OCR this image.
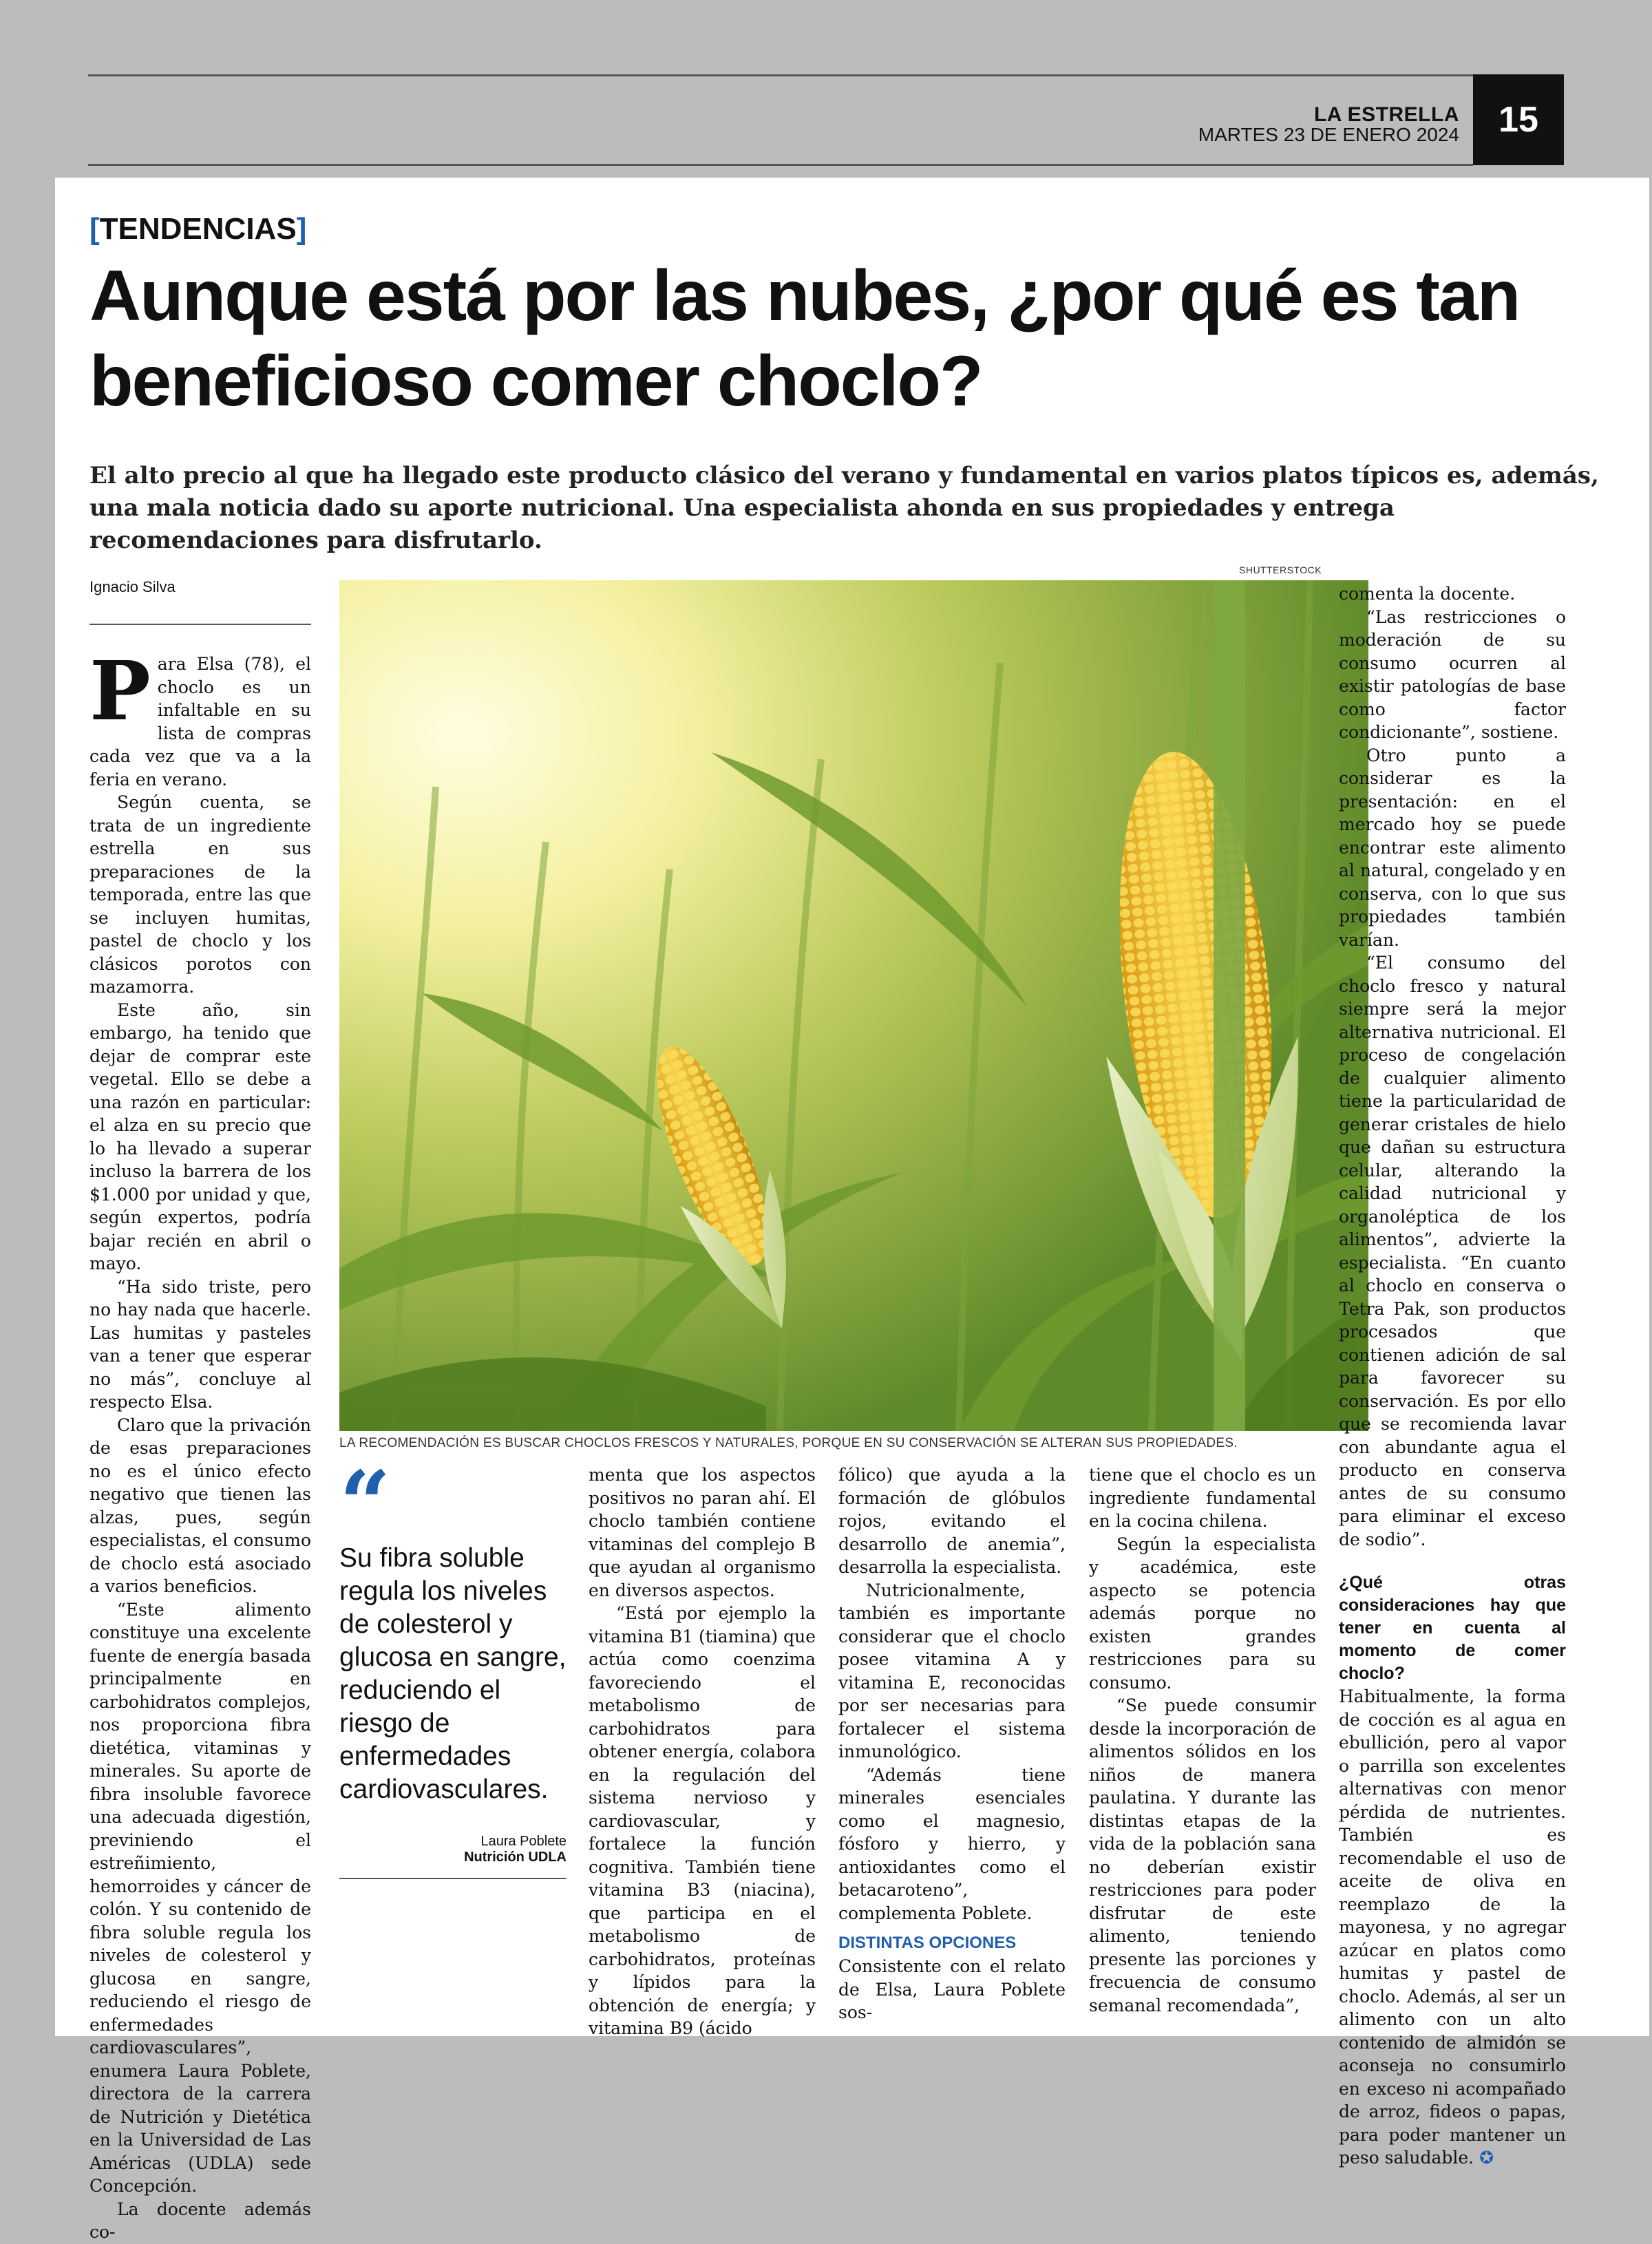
LA ESTRELLA
MARTES 23 DE ENERO 2024	15
[TENDENCIAS]
Aunque está por las nubes, ¿por qué es tan beneficioso comer choclo?

El alto precio al que ha llegado este producto clásico del verano y fundamental en varios platos típicos es, además, una mala noticia dado su aporte nutricional. Una especialista ahonda en sus propiedades y entrega recomendaciones para disfrutarlo.

Ignacio Silva
SHUTTERSTOCK
LA RECOMENDACIÓN ES BUSCAR CHOCLOS FRESCOS Y NATURALES, PORQUE EN SU CONSERVACIÓN SE ALTERAN SUS PROPIEDADES.

Para Elsa (78), el choclo es un infaltable en su lista de compras cada vez que va a la feria en verano.

Según cuenta, se trata de un ingrediente estrella en sus preparaciones de la temporada, entre las que se incluyen humitas, pastel de choclo y los clásicos porotos con mazamorra.

Este año, sin embargo, ha tenido que dejar de comprar este vegetal. Ello se debe a una razón en particular: el alza en su precio que lo ha llevado a superar incluso la barrera de los $1.000 por unidad y que, según expertos, podría bajar recién en abril o mayo.

“Ha sido triste, pero no hay nada que hacerle. Las humitas y pasteles van a tener que esperar no más”, concluye al respecto Elsa.

Claro que la privación de esas preparaciones no es el único efecto negativo que tienen las alzas, pues, según especialistas, el consumo de choclo está asociado a varios beneficios.

“Este alimento constituye una excelente fuente de energía basada principalmente en carbohidratos complejos, nos proporciona fibra dietética, vitaminas y minerales. Su aporte de fibra insoluble favorece una adecuada digestión, previniendo el estreñimiento, hemorroides y cáncer de colón. Y su contenido de fibra soluble regula los niveles de colesterol y glucosa en sangre, reduciendo el riesgo de enfermedades cardiovasculares”, enumera Laura Poblete, directora de la carrera de Nutrición y Dietética en la Universidad de Las Américas (UDLA) sede Concepción.

La docente además co-

“
Su fibra soluble regula los niveles de colesterol y glucosa en sangre, reduciendo el riesgo de enfermedades cardiovasculares.
Laura Poblete
Nutrición UDLA

menta que los aspectos positivos no paran ahí. El choclo también contiene vitaminas del complejo B que ayudan al organismo en diversos aspectos.

“Está por ejemplo la vitamina B1 (tiamina) que actúa como coenzima favoreciendo el metabolismo de carbohidratos para obtener energía, colabora en la regulación del sistema nervioso y cardiovascular, y fortalece la función cognitiva. También tiene vitamina B3 (niacina), que participa en el metabolismo de carbohidratos, proteínas y lípidos para la obtención de energía; y vitamina B9 (ácido

fólico) que ayuda a la formación de glóbulos rojos, evitando el desarrollo de anemia”, desarrolla la especialista.

Nutricionalmente, también es importante considerar que el choclo posee vitamina A y vitamina E, reconocidas por ser necesarias para fortalecer el sistema inmunológico.

“Además tiene minerales esenciales como el magnesio, fósforo y hierro, y antioxidantes como el betacaroteno”, complementa Poblete.

DISTINTAS OPCIONES

Consistente con el relato de Elsa, Laura Poblete sos-

tiene que el choclo es un ingrediente fundamental en la cocina chilena.

Según la especialista y académica, este aspecto se potencia además porque no existen grandes restricciones para su consumo.

“Se puede consumir desde la incorporación de alimentos sólidos en los niños de manera paulatina. Y durante las distintas etapas de la vida de la población sana no deberían existir restricciones para poder disfrutar de este alimento, teniendo presente las porciones y frecuencia de consumo semanal recomendada”,

comenta la docente.

“Las restricciones o moderación de su consumo ocurren al existir patologías de base como factor condicionante”, sostiene.

Otro punto a considerar es la presentación: en el mercado hoy se puede encontrar este alimento al natural, congelado y en conserva, con lo que sus propiedades también varían.

“El consumo del choclo fresco y natural siempre será la mejor alternativa nutricional. El proceso de congelación de cualquier alimento tiene la particularidad de generar cristales de hielo que dañan su estructura celular, alterando la calidad nutricional y organoléptica de los alimentos”, advierte la especialista. “En cuanto al choclo en conserva o Tetra Pak, son productos procesados que contienen adición de sal para favorecer su conservación. Es por ello que se recomienda lavar con abundante agua el producto en conserva antes de su consumo para eliminar el exceso de sodio”.

¿Qué otras consideraciones hay que tener en cuenta al momento de comer choclo?

Habitualmente, la forma de cocción es al agua en ebullición, pero al vapor o parrilla son excelentes alternativas con menor pérdida de nutrientes. También es recomendable el uso de aceite de oliva en reemplazo de la mayonesa, y no agregar azúcar en platos como humitas y pastel de choclo. Además, al ser un alimento con un alto contenido de almidón se aconseja no consumirlo en exceso ni acompañado de arroz, fideos o papas, para poder mantener un peso saludable. ✪
